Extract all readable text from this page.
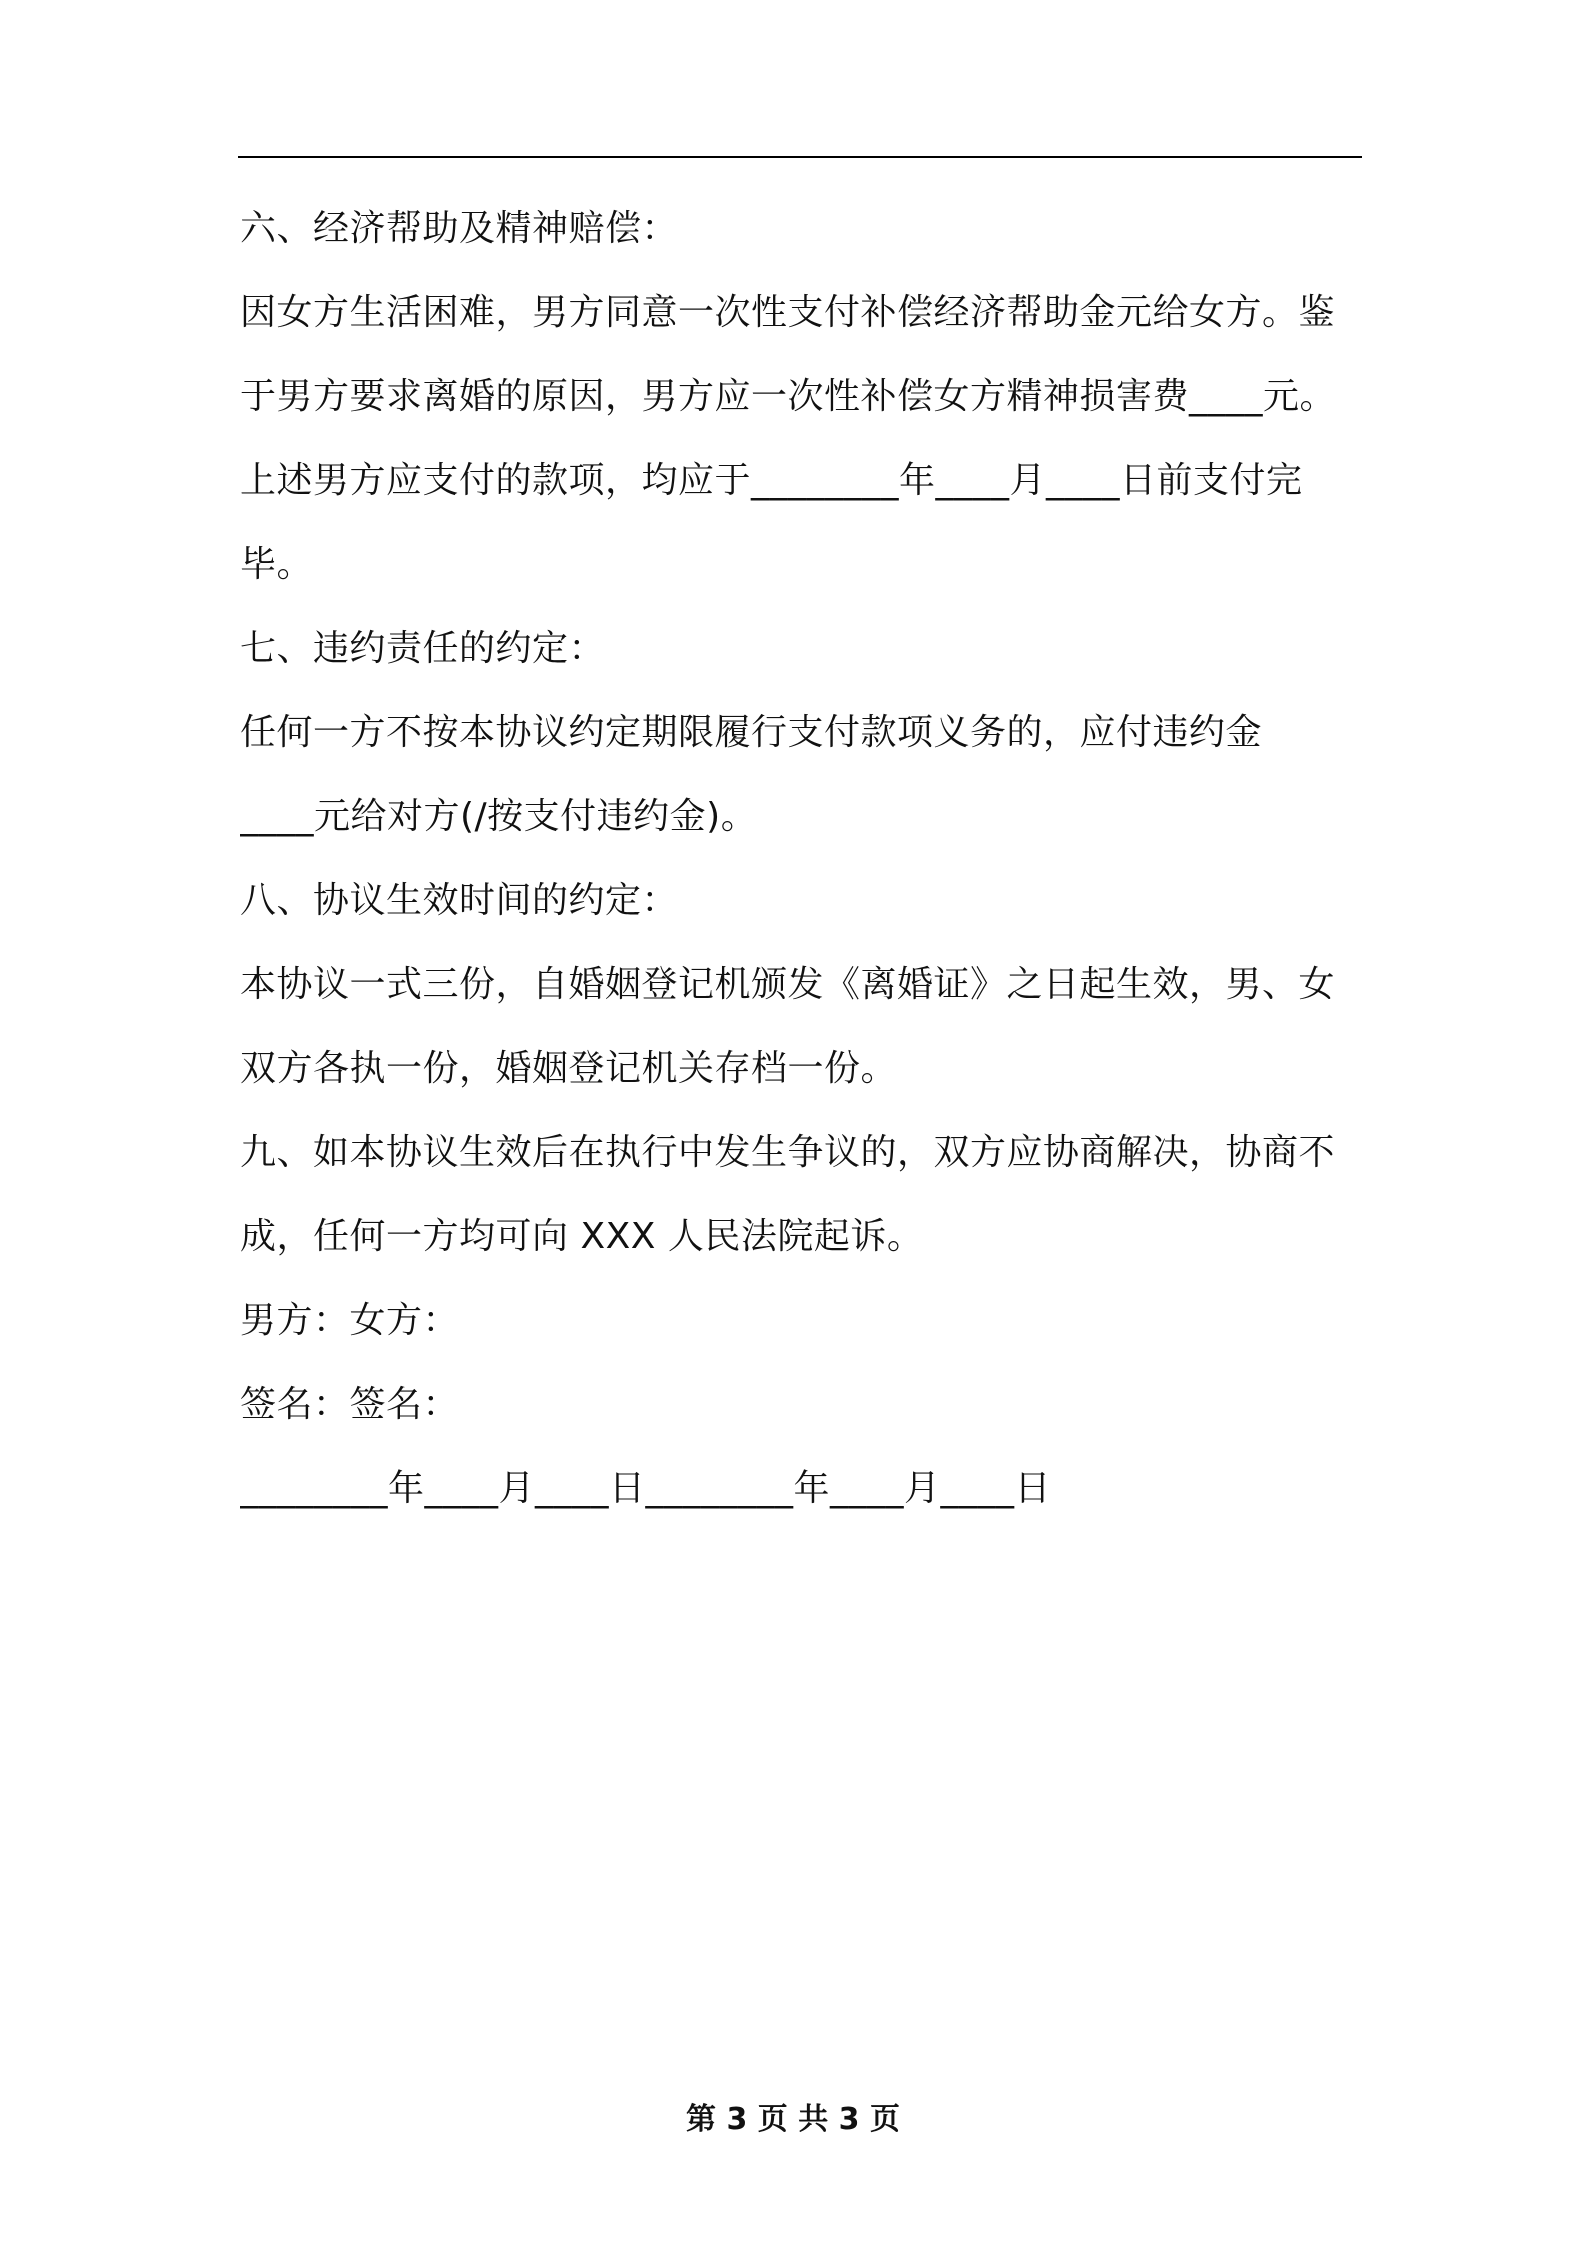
六、经济帮助及精神赔偿：
因女方生活困难，男方同意一次性支付补偿经济帮助金元给女方。鉴
于男方要求离婚的原因，男方应一次性补偿女方精神损害费____元。
上述男方应支付的款项，均应于________年____月____日前支付完
毕。
七、违约责任的约定：
任何一方不按本协议约定期限履行支付款项义务的，应付违约金
____元给对方(/按支付违约金)。
八、协议生效时间的约定：
本协议一式三份，自婚姻登记机颁发《离婚证》之日起生效，男、女
双方各执一份，婚姻登记机关存档一份。
九、如本协议生效后在执行中发生争议的，双方应协商解决，协商不
成，任何一方均可向 XXX 人民法院起诉。
男方：女方：
签名：签名：
________年____月____日________年____月____日
第 3 页 共 3 页
